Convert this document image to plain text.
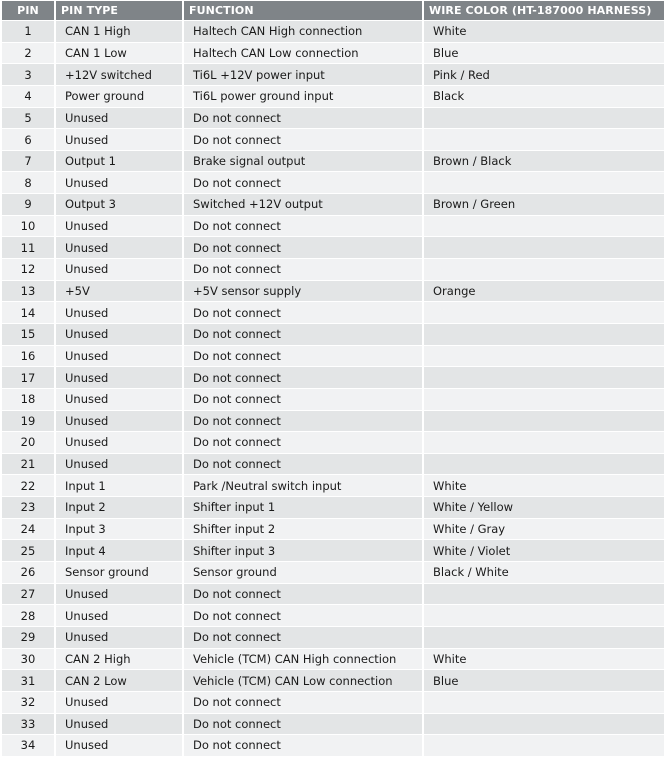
PIN	PIN TYPE	FUNCTION	WIRE COLOR (HT-187000 HARNESS)
1	CAN 1 High	Haltech CAN High connection	White
2	CAN 1 Low	Haltech CAN Low connection	Blue
3	+12V switched	Ti6L +12V power input	Pink / Red
4	Power ground	Ti6L power ground input	Black
5	Unused	Do not connect	
6	Unused	Do not connect	
7	Output 1	Brake signal output	Brown / Black
8	Unused	Do not connect	
9	Output 3	Switched +12V output	Brown / Green
10	Unused	Do not connect	
11	Unused	Do not connect	
12	Unused	Do not connect	
13	+5V	+5V sensor supply	Orange
14	Unused	Do not connect	
15	Unused	Do not connect	
16	Unused	Do not connect	
17	Unused	Do not connect	
18	Unused	Do not connect	
19	Unused	Do not connect	
20	Unused	Do not connect	
21	Unused	Do not connect	
22	Input 1	Park /Neutral switch input	White
23	Input 2	Shifter input 1	White / Yellow
24	Input 3	Shifter input 2	White / Gray
25	Input 4	Shifter input 3	White / Violet
26	Sensor ground	Sensor ground	Black / White
27	Unused	Do not connect	
28	Unused	Do not connect	
29	Unused	Do not connect	
30	CAN 2 High	Vehicle (TCM) CAN High connection	White
31	CAN 2 Low	Vehicle (TCM) CAN Low connection	Blue
32	Unused	Do not connect	
33	Unused	Do not connect	
34	Unused	Do not connect	
